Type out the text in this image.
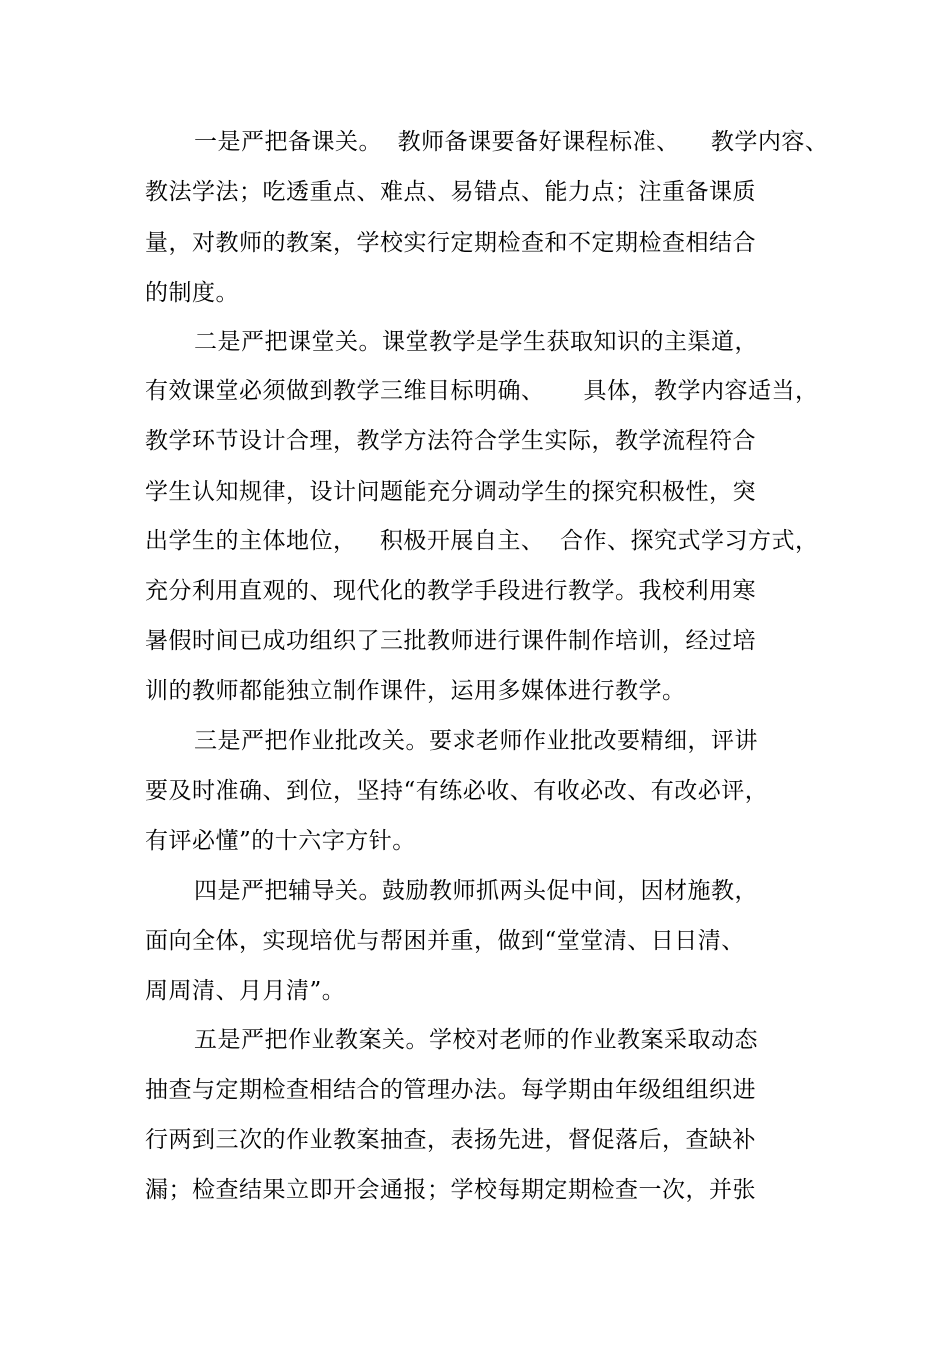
一是严把备课关。  教师备课要备好课程标准、    教学内容、
教法学法；吃透重点、难点、易错点、能力点；注重备课质
量，对教师的教案，学校实行定期检查和不定期检查相结合
的制度。
二是严把课堂关。课堂教学是学生获取知识的主渠道，
有效课堂必须做到教学三维目标明确、     具体，教学内容适当，
教学环节设计合理，教学方法符合学生实际，教学流程符合
学生认知规律，设计问题能充分调动学生的探究积极性，突
出学生的主体地位，   积极开展自主、  合作、探究式学习方式，
充分利用直观的、现代化的教学手段进行教学。我校利用寒
暑假时间已成功组织了三批教师进行课件制作培训，经过培
训的教师都能独立制作课件，运用多媒体进行教学。
三是严把作业批改关。要求老师作业批改要精细，评讲
要及时准确、到位，坚持“有练必收、有收必改、有改必评，
有评必懂”的十六字方针。
四是严把辅导关。鼓励教师抓两头促中间，因材施教，
面向全体，实现培优与帮困并重，做到“堂堂清、日日清、
周周清、月月清”。
五是严把作业教案关。学校对老师的作业教案采取动态
抽查与定期检查相结合的管理办法。每学期由年级组组织进
行两到三次的作业教案抽查，表扬先进，督促落后，查缺补
漏；检查结果立即开会通报；学校每期定期检查一次，并张
